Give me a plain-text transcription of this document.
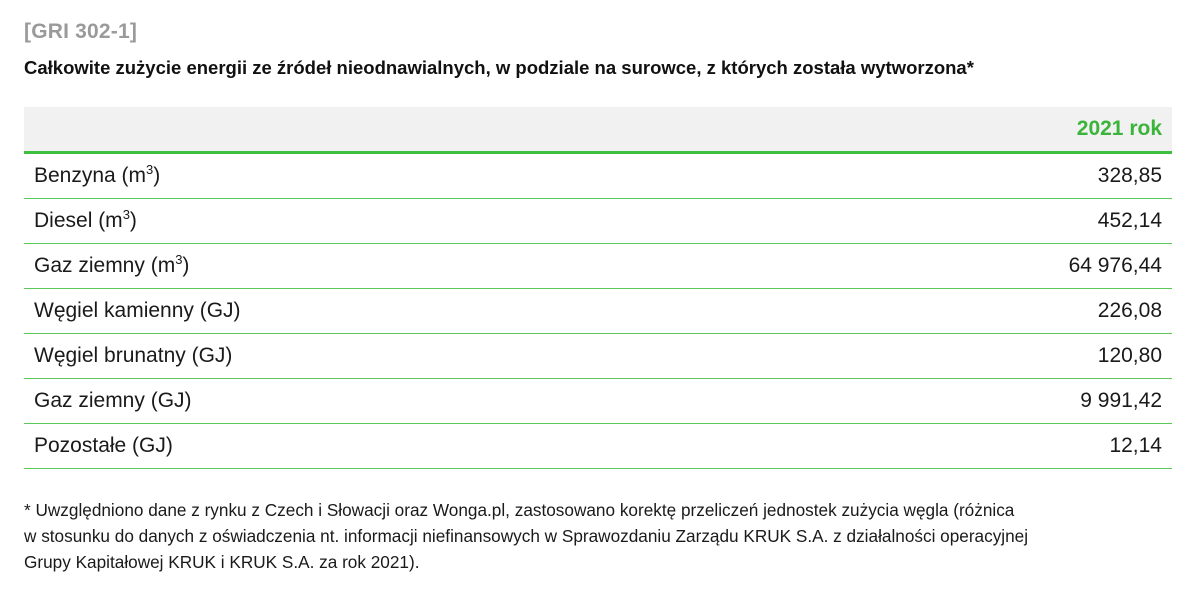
[GRI 302-1]
Całkowite zużycie energii ze źródeł nieodnawialnych, w podziale na surowce, z których została wytworzona*
2021 rok
Benzyna $(m^3)$	328,85
Diesel $(m^3)$	452,14
Gaz ziemny $(m^3)$	64 976,44
Węgiel kamienny (GJ)	226,08
Węgiel brunatny (GJ)	120,80
Gaz ziemny (GJ)	9 991,42
Pozostałe (GJ)	12,14
* Uwzględniono dane z rynku z Czech i Słowacji oraz Wonga.pl, zastosowano korektę przeliczeń jednostek zużycia węgla (różnica
w stosunku do danych z oświadczenia nt. informacji niefinansowych w Sprawozdaniu Zarządu KRUK S.A. z działalności operacyjnej
Grupy Kapitałowej KRUK i KRUK S.A. za rok 2021).
